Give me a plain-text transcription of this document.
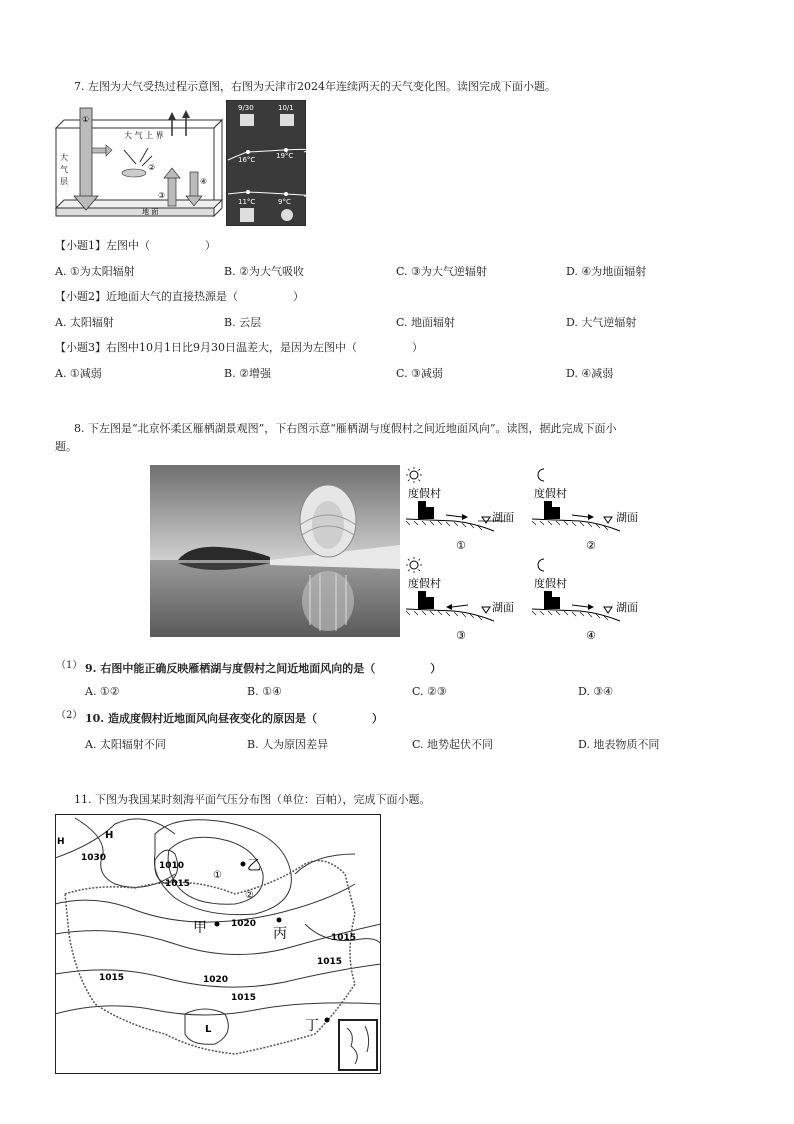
7. 左图为大气受热过程示意图，右图为天津市2024年连续两天的天气变化图。读图完成下面小题。
大 气 上 界
大
气
层
地 面
①
②
③
④
9/30	10/1
16°C	19°C
11°C	9°C
【小题1】左图中（　　　　　）
A. ①为太阳辐射	B. ②为大气吸收	C. ③为大气逆辐射	D. ④为地面辐射
【小题2】近地面大气的直接热源是（　　　　　）
A. 太阳辐射	B. 云层	C. 地面辐射	D. 大气逆辐射
【小题3】右图中10月1日比9月30日温差大，是因为左图中（　　　　　）
A. ①减弱	B. ②增强	C. ③减弱	D. ④减弱
8. 下左图是“北京怀柔区雁栖湖景观图”，下右图示意“雁栖湖与度假村之间近地面风向”。读图，据此完成下面小
题。
度假村
湖面
①
度假村
湖面
②
度假村
湖面
③
度假村
湖面
④
（1） 9. 右图中能正确反映雁栖湖与度假村之间近地面风向的是（　　　　　）
A. ①②	B. ①④	C. ②③	D. ③④
（2） 10. 造成度假村近地面风向昼夜变化的原因是（　　　　　）
A. 太阳辐射不同	B. 人为原因差异	C. 地势起伏不同	D. 地表物质不同
11. 下图为我国某时刻海平面气压分布图（单位：百帕），完成下面小题。
H
H
1030
1010
1015
1020
1020
1015
1015
1015
1015
①
②
L
乙
甲	丙
丁
